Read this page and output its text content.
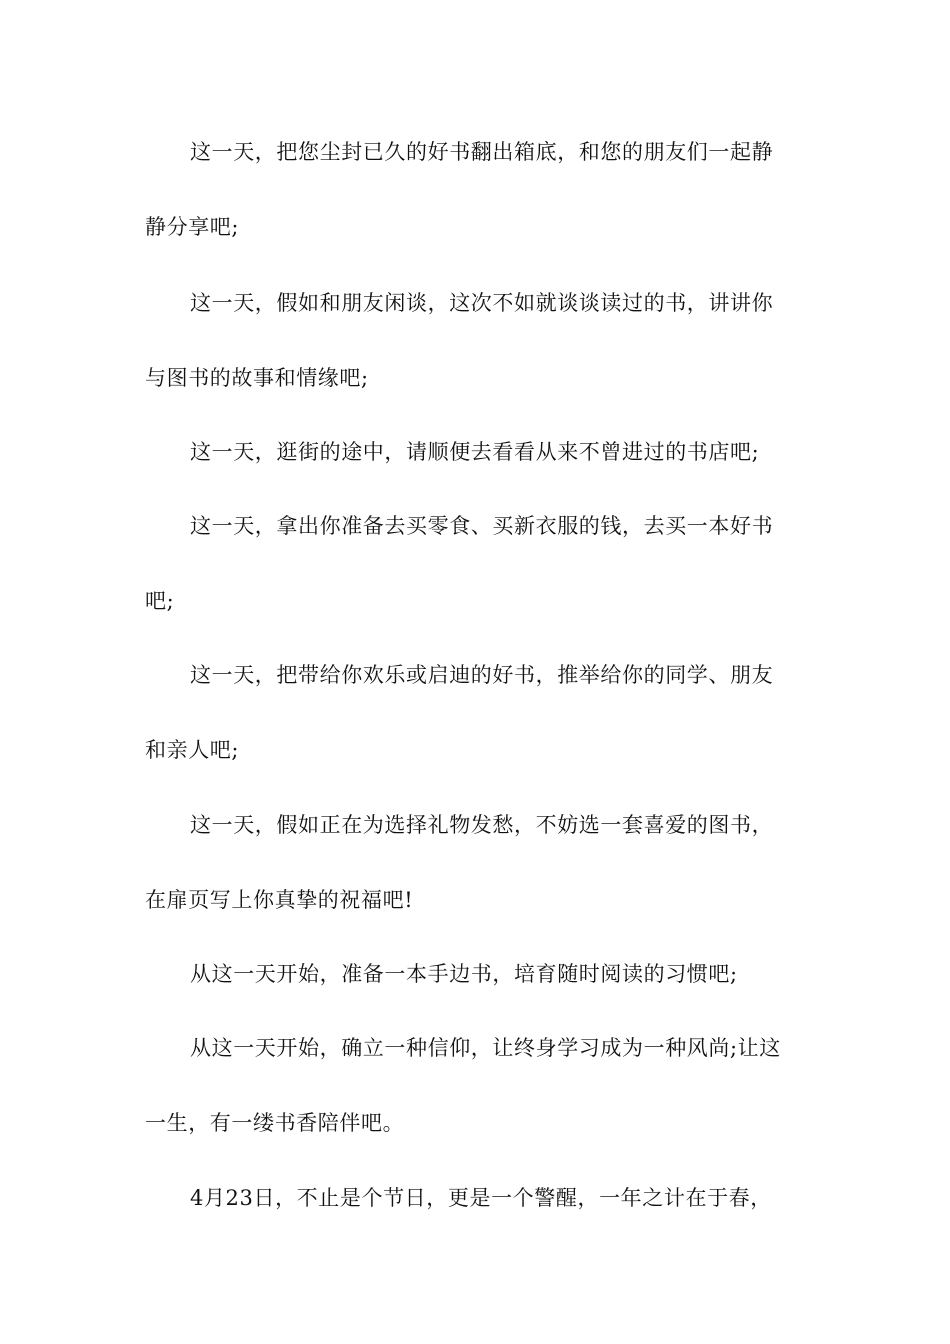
这一天，把您尘封已久的好书翻出箱底，和您的朋友们一起静
静分享吧;
这一天，假如和朋友闲谈，这次不如就谈谈读过的书，讲讲你
与图书的故事和情缘吧;
这一天，逛街的途中，请顺便去看看从来不曾进过的书店吧;
这一天，拿出你准备去买零食、买新衣服的钱，去买一本好书
吧;
这一天，把带给你欢乐或启迪的好书，推举给你的同学、朋友
和亲人吧;
这一天，假如正在为选择礼物发愁，不妨选一套喜爱的图书，
在扉页写上你真挚的祝福吧!
从这一天开始，准备一本手边书，培育随时阅读的习惯吧;
从这一天开始，确立一种信仰，让终身学习成为一种风尚;让这
一生，有一缕书香陪伴吧。
4月23日，不止是个节日，更是一个警醒，一年之计在于春，
